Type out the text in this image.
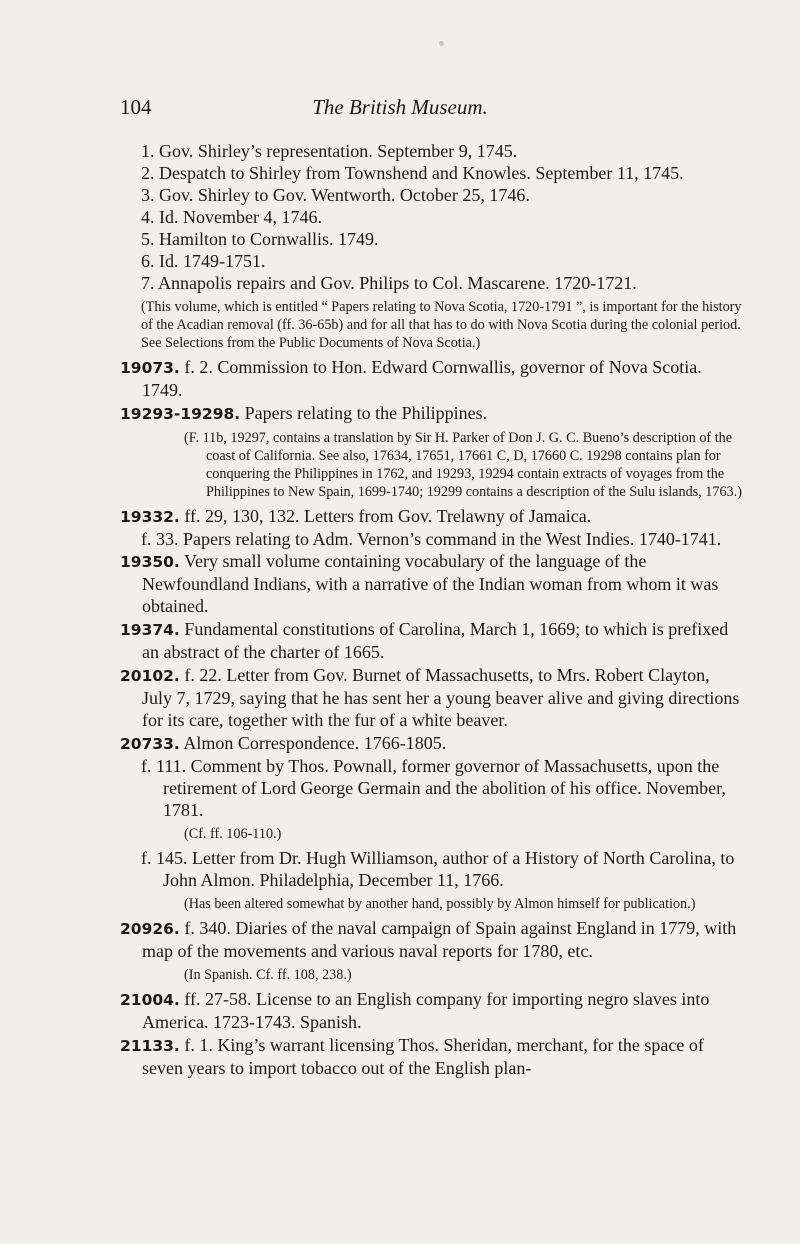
104	The British Museum.
1. Gov. Shirley’s representation. September 9, 1745.
2. Despatch to Shirley from Townshend and Knowles. September 11, 1745.
3. Gov. Shirley to Gov. Wentworth. October 25, 1746.
4. Id. November 4, 1746.
5. Hamilton to Cornwallis. 1749.
6. Id. 1749-1751.
7. Annapolis repairs and Gov. Philips to Col. Mascarene. 1720-1721.
(This volume, which is entitled “ Papers relating to Nova Scotia, 1720-1791 ”, is important for the history of the Acadian removal (ff. 36-65b) and for all that has to do with Nova Scotia during the colonial period. See Selections from the Public Documents of Nova Scotia.)
19073. f. 2. Commission to Hon. Edward Cornwallis, governor of Nova Scotia. 1749.
19293-19298. Papers relating to the Philippines.
(F. 11b, 19297, contains a translation by Sir H. Parker of Don J. G. C. Bueno’s description of the coast of California. See also, 17634, 17651, 17661 C, D, 17660 C. 19298 contains plan for conquering the Philippines in 1762, and 19293, 19294 contain extracts of voyages from the Philippines to New Spain, 1699-1740; 19299 contains a description of the Sulu islands, 1763.)
19332. ff. 29, 130, 132. Letters from Gov. Trelawny of Jamaica.
f. 33. Papers relating to Adm. Vernon’s command in the West Indies. 1740-1741.
19350. Very small volume containing vocabulary of the language of the Newfoundland Indians, with a narrative of the Indian woman from whom it was obtained.
19374. Fundamental constitutions of Carolina, March 1, 1669; to which is prefixed an abstract of the charter of 1665.
20102. f. 22. Letter from Gov. Burnet of Massachusetts, to Mrs. Robert Clayton, July 7, 1729, saying that he has sent her a young beaver alive and giving directions for its care, together with the fur of a white beaver.
20733. Almon Correspondence. 1766-1805.
f. 111. Comment by Thos. Pownall, former governor of Massachusetts, upon the retirement of Lord George Germain and the abolition of his office. November, 1781.
(Cf. ff. 106-110.)
f. 145. Letter from Dr. Hugh Williamson, author of a History of North Carolina, to John Almon. Philadelphia, December 11, 1766.
(Has been altered somewhat by another hand, possibly by Almon himself for publication.)
20926. f. 340. Diaries of the naval campaign of Spain against England in 1779, with map of the movements and various naval reports for 1780, etc.
(In Spanish. Cf. ff. 108, 238.)
21004. ff. 27-58. License to an English company for importing negro slaves into America. 1723-1743. Spanish.
21133. f. 1. King’s warrant licensing Thos. Sheridan, merchant, for the space of seven years to import tobacco out of the English plan-
